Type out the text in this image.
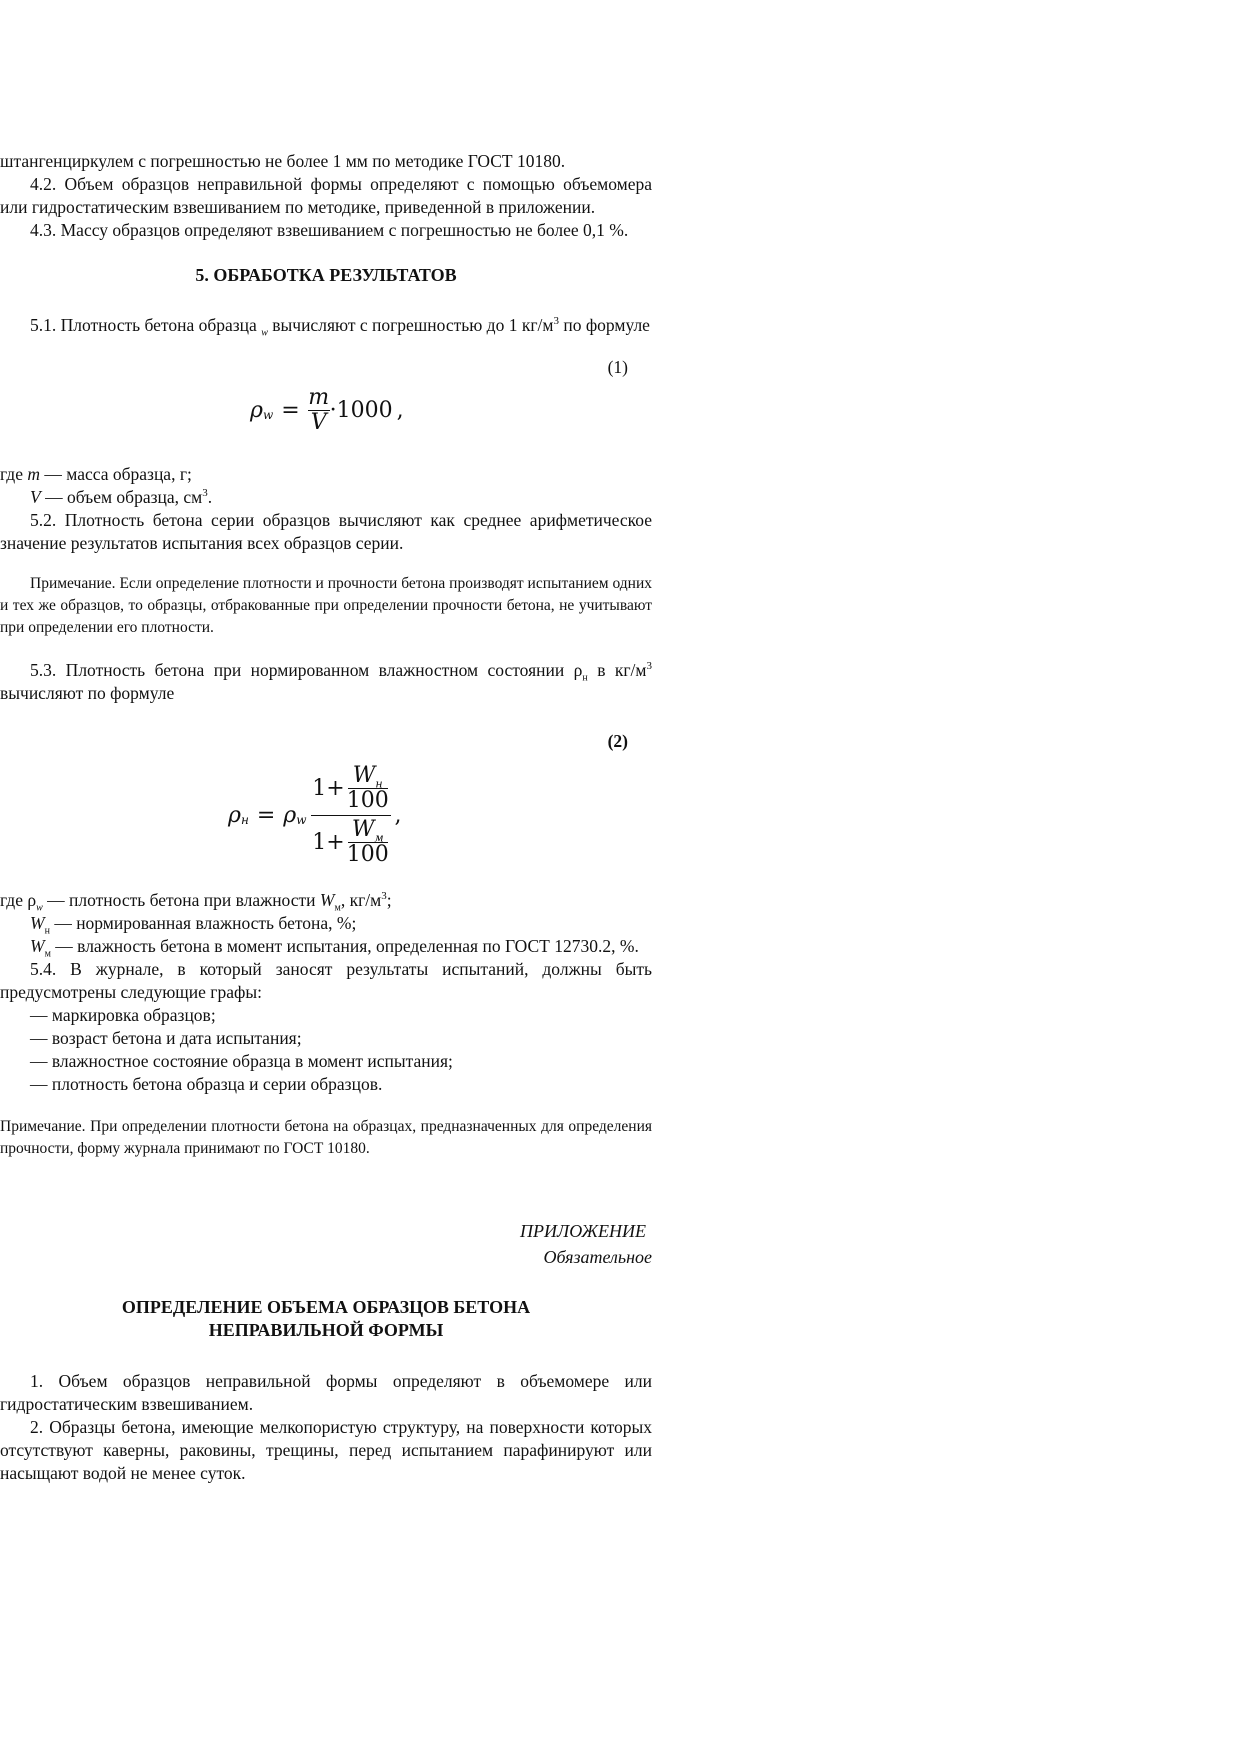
штангенциркулем с погрешностью не более 1 мм по методике ГОСТ 10180.

4.2. Объем образцов неправильной формы определяют с помощью объемомера или гидростатическим взвешиванием по методике, приведенной в приложении.

4.3. Массу образцов определяют взвешиванием с погрешностью не более 0,1 %.

5. ОБРАБОТКА РЕЗУЛЬТАТОВ

5.1. Плотность бетона образца $_w$ вычисляют с погрешностью до 1 $кг/м^3$ по формуле

(1)
ρ w =
m
V ·1000 ,

где m — масса образца, г;

V — объем образца, $см^3$.

5.2. Плотность бетона серии образцов вычисляют как среднее арифметическое значение результатов испытания всех образцов серии.

Примечание. Если определение плотности и прочности бетона производят испытанием одних и тех же образцов, то образцы, отбракованные при определении прочности бетона, не учитывают при определении его плотности.

5.3. Плотность бетона при нормированном влажностном состоянии $\rho_н$ в $кг/м^3$ вычисляют по формуле

(2)
ρ н = ρ w
1+
$W_н$
100
1+
$W_м$
100
,

где $\rho_w$ — плотность бетона при влажности $W_м$, $кг/м^3$;

$W_н$ — нормированная влажность бетона, %;

$W_м$ — влажность бетона в момент испытания, определенная по ГОСТ 12730.2, %.

5.4. В журнале, в который заносят результаты испытаний, должны быть предусмотрены следующие графы:

— маркировка образцов;

— возраст бетона и дата испытания;

— влажностное состояние образца в момент испытания;

— плотность бетона образца и серии образцов.

Примечание. При определении плотности бетона на образцах, предназначенных для определения прочности, форму журнала принимают по ГОСТ 10180.

ПРИЛОЖЕНИЕ

Обязательное

ОПРЕДЕЛЕНИЕ ОБЪЕМА ОБРАЗЦОВ БЕТОНА

НЕПРАВИЛЬНОЙ ФОРМЫ

1. Объем образцов неправильной формы определяют в объемомере или гидростатическим взвешиванием.

2. Образцы бетона, имеющие мелкопористую структуру, на поверхности которых отсутствуют каверны, раковины, трещины, перед испытанием парафинируют или насыщают водой не менее суток.
